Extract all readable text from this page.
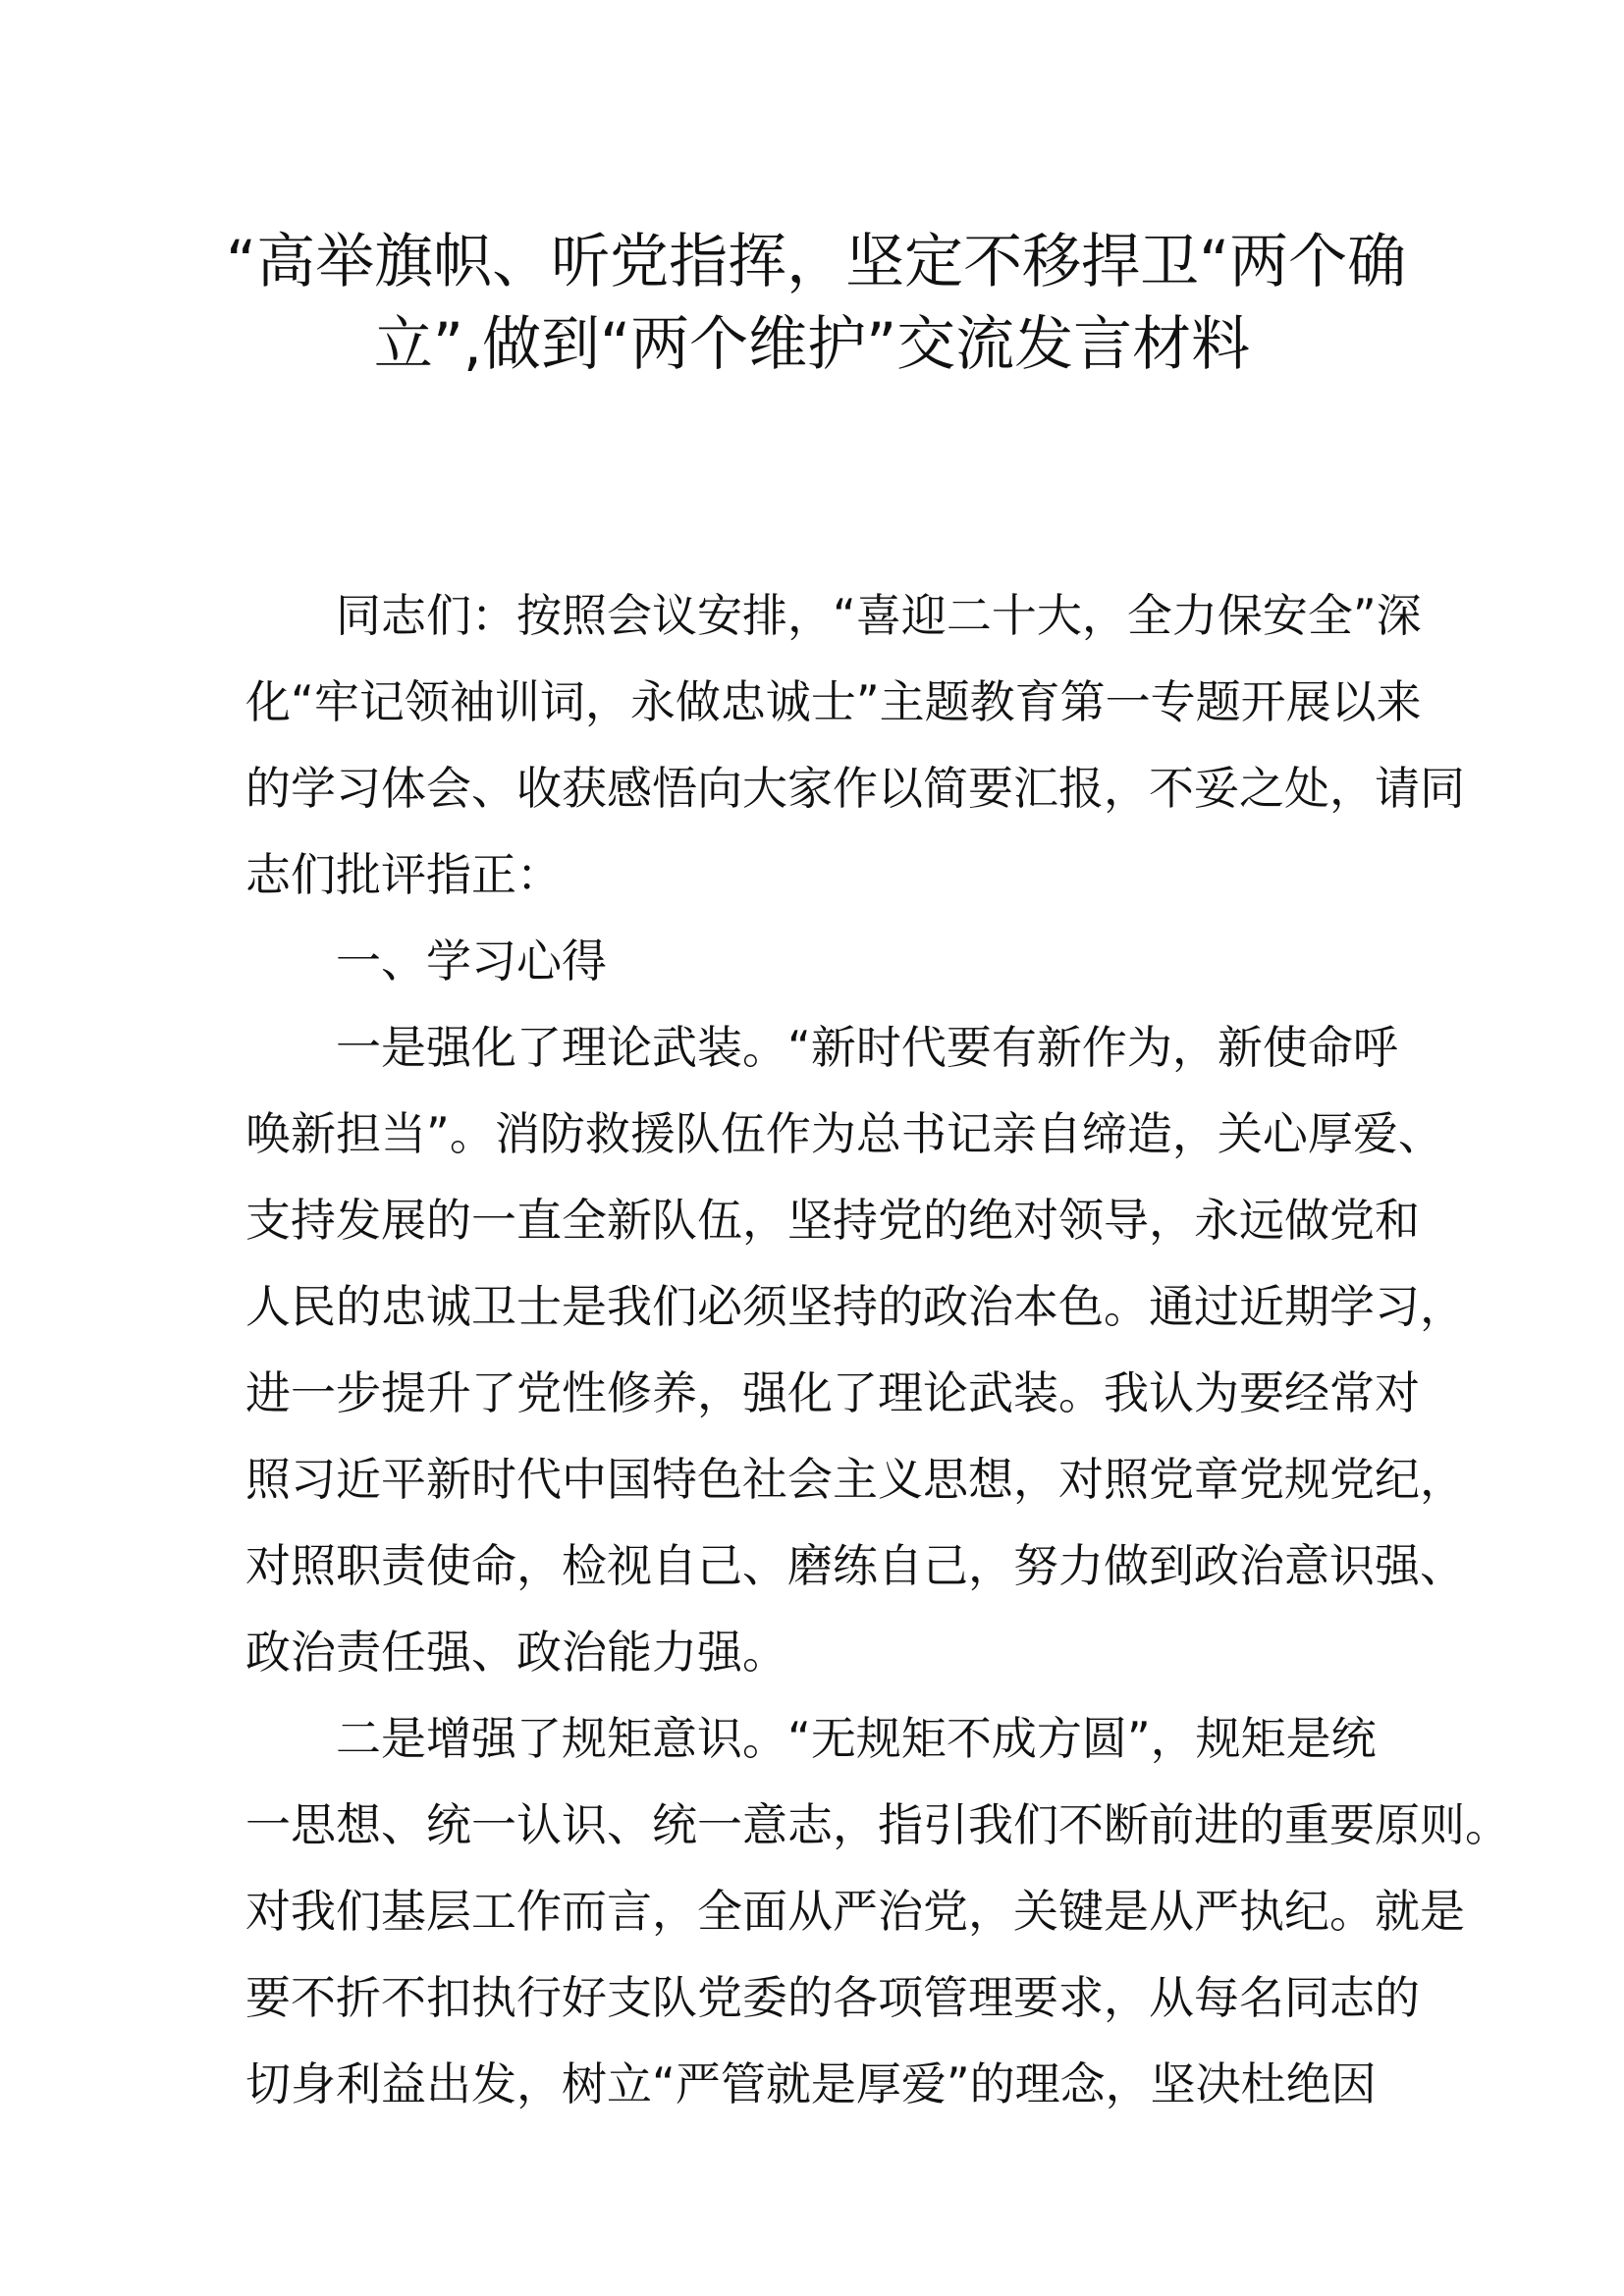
“高举旗帜、听党指挥，坚定不移捍卫“两个确
立”,做到“两个维护”交流发言材料
同志们：按照会议安排，“喜迎二十大，全力保安全”深
化“牢记领袖训词，永做忠诚士”主题教育第一专题开展以来
的学习体会、收获感悟向大家作以简要汇报，不妥之处，请同
志们批评指正：
一、学习心得
一是强化了理论武装。“新时代要有新作为，新使命呼
唤新担当”。消防救援队伍作为总书记亲自缔造，关心厚爱、
支持发展的一直全新队伍，坚持党的绝对领导，永远做党和
人民的忠诚卫士是我们必须坚持的政治本色。通过近期学习，
进一步提升了党性修养，强化了理论武装。我认为要经常对
照习近平新时代中国特色社会主义思想，对照党章党规党纪，
对照职责使命，检视自己、磨练自己，努力做到政治意识强、
政治责任强、政治能力强。
二是增强了规矩意识。“无规矩不成方圆”，规矩是统
一思想、统一认识、统一意志，指引我们不断前进的重要原则。
对我们基层工作而言，全面从严治党，关键是从严执纪。就是
要不折不扣执行好支队党委的各项管理要求，从每名同志的
切身利益出发，树立“严管就是厚爱”的理念，坚决杜绝因
